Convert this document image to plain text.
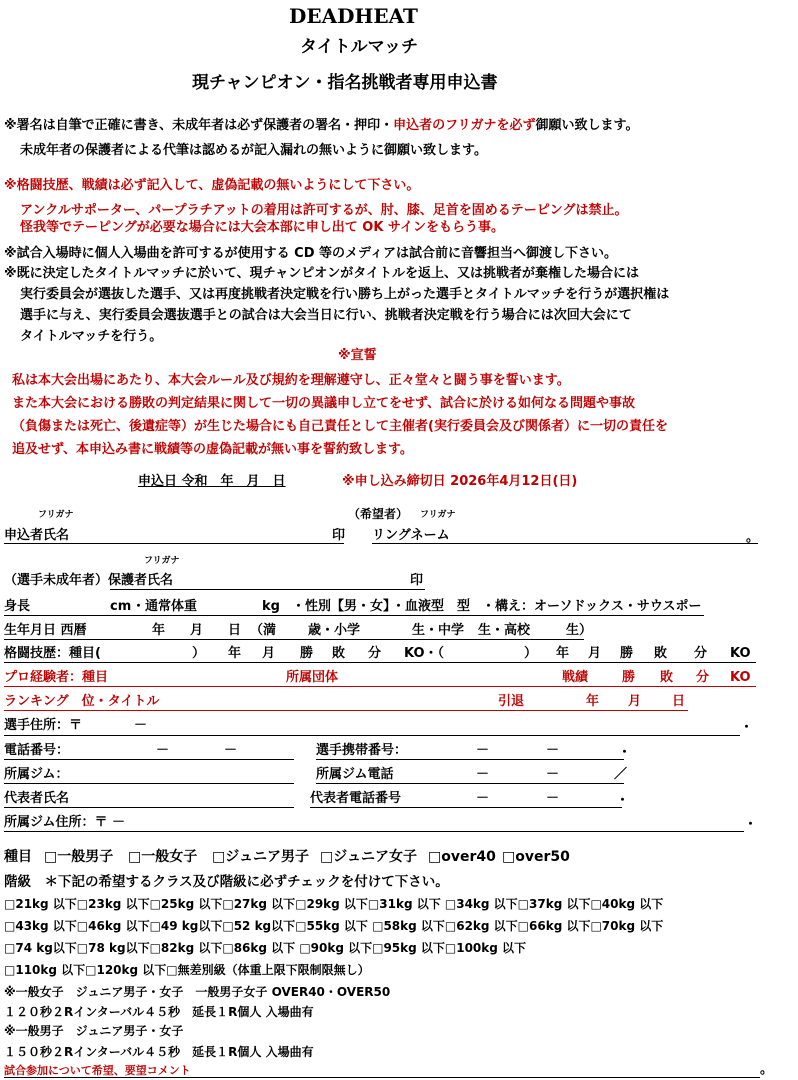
DEADHEAT
タイトルマッチ
現チャンピオン・指名挑戦者専用申込書
※署名は自筆で正確に書き、未成年者は必ず保護者の署名・押印・申込者のフリガナを必ず御願い致します。
未成年者の保護者による代筆は認めるが記入漏れの無いように御願い致します。
※格闘技歴、戦績は必ず記入して、虚偽記載の無いようにして下さい。
アンクルサポーター、パープラチアットの着用は許可するが、肘、膝、足首を固めるテーピングは禁止。
怪我等でテーピングが必要な場合には大会本部に申し出て OK サインをもらう事。
※試合入場時に個人入場曲を許可するが使用する CD 等のメディアは試合前に音響担当へ御渡し下さい。
※既に決定したタイトルマッチに於いて、現チャンピオンがタイトルを返上、又は挑戦者が棄権した場合には
実行委員会が選抜した選手、又は再度挑戦者決定戦を行い勝ち上がった選手とタイトルマッチを行うが選択権は
選手に与え、実行委員会選抜選手との試合は大会当日に行い、挑戦者決定戦を行う場合には次回大会にて
タイトルマッチを行う。
※宣誓
私は本大会出場にあたり、本大会ルール及び規約を理解遵守し、正々堂々と闘う事を誓います。
また本大会における勝敗の判定結果に関して一切の異議申し立てをせず、試合に於ける如何なる問題や事故
（負傷または死亡、後遺症等）が生じた場合にも自己責任として主催者(実行委員会及び関係者）に一切の責任を
追及せず、本申込み書に戦績等の虚偽記載が無い事を誓約致します。
申込日 令和　年　月　日	※申し込み締切日 2026年4月12日(日)
フリガナ	（希望者） フリガナ
申込者氏名	印 リングネーム	。
フリガナ
（選手未成年者）保護者氏名	印
身長	cm ・通常体重	kg ・性別【男・女】
・血液型　型 ・構え：オーソドックス・サウスポー
生年月日 西暦	年 月 日 （満 歳・小学	生・中学 生・高校	生）
格闘技歴：種目(	） 年 月 勝 敗 分 KO・（	） 年 月 勝 敗 分 KO
プロ経験者：種目	所属団体	戦績	勝 敗 分 KO
ランキング　位・タイトル	引退	年 月 日
選手住所：〒	－	・
電話番号：	－	－	選手携帯番号：	－	－	・
所属ジム：	所属ジム電話	－	－	／
代表者氏名	代表者電話番号	－	－	・
所属ジム住所：〒 －	・
種目 □一般男子 □一般女子 □ジュニア男子 □ジュニア女子 □over40 □over50
階級　＊下記の希望するクラス及び階級に必ずチェックを付けて下さい。
□21kg 以下□23kg 以下□25kg 以下□27kg 以下□29kg 以下□31kg 以下 □34kg 以下□37kg 以下□40kg 以下
□43kg 以下□46kg 以下□49 kg以下□52 kg以下□55kg 以下 □58kg 以下□62kg 以下□66kg 以下□70kg 以下
□74 kg以下□78 kg以下□82kg 以下□86kg 以下 □90kg 以下□95kg 以下□100kg 以下
□110kg 以下□120kg 以下□無差別級（体重上限下限制限無し）
※一般女子　ジュニア男子・女子　一般男子女子 OVER40・OVER50
１２０秒２Rインターバル４５秒　延長１R個人 入場曲有
※一般男子　ジュニア男子・女子
１５０秒２Rインターバル４５秒　延長１R個人 入場曲有
試合参加について希望、要望コメント	。
